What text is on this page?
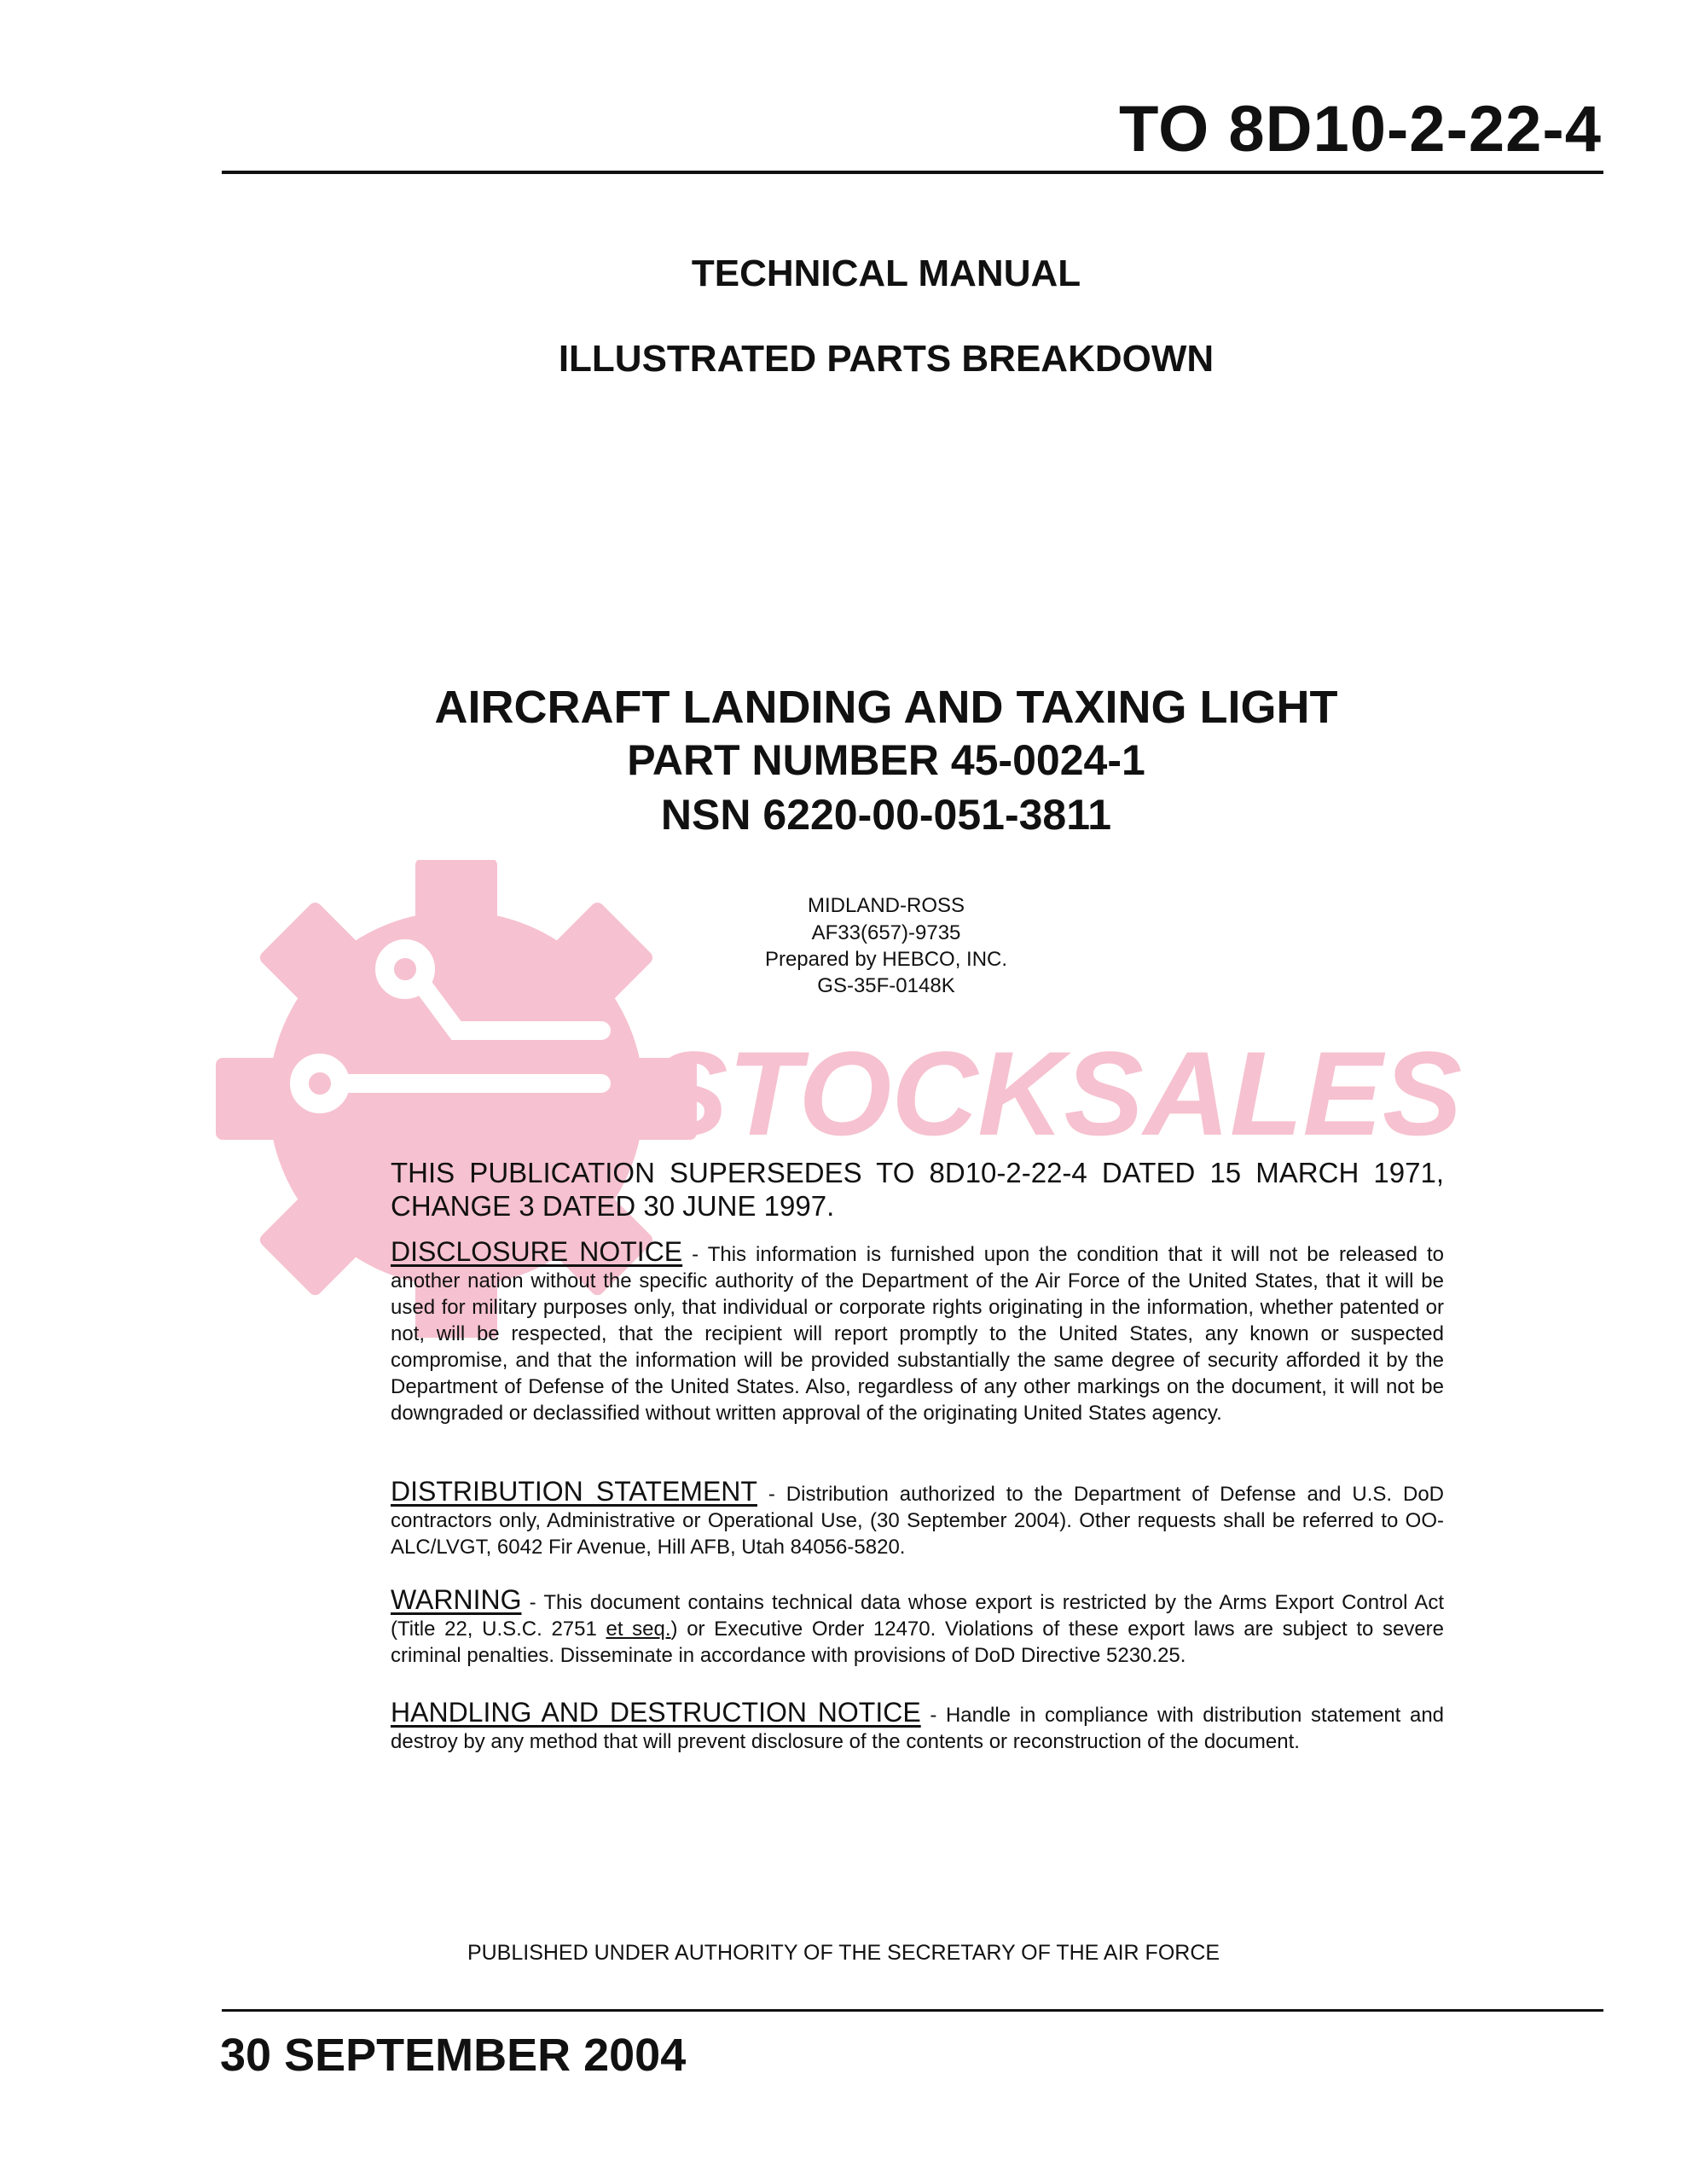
TO 8D10-2-22-4
TECHNICAL MANUAL
ILLUSTRATED PARTS BREAKDOWN
AIRCRAFT LANDING AND TAXING LIGHT
PART NUMBER 45-0024-1
NSN 6220-00-051-3811
MIDLAND-ROSS
AF33(657)-9735
Prepared by HEBCO, INC.
GS-35F-0148K
STOCKSALES
THIS PUBLICATION SUPERSEDES TO 8D10-2-22-4 DATED 15 MARCH 1971, CHANGE 3 DATED 30 JUNE 1997.
DISCLOSURE NOTICE - This information is furnished upon the condition that it will not be released to another nation without the specific authority of the Department of the Air Force of the United States, that it will be used for military purposes only, that individual or corporate rights originating in the information, whether patented or not, will be respected, that the recipient will report promptly to the United States, any known or suspected compromise, and that the information will be provided substantially the same degree of security afforded it by the Department of Defense of the United States. Also, regardless of any other markings on the document, it will not be downgraded or declassified without written approval of the originating United States agency.
DISTRIBUTION STATEMENT - Distribution authorized to the Department of Defense and U.S. DoD contractors only, Administrative or Operational Use, (30 September 2004). Other requests shall be referred to OO-ALC/LVGT, 6042 Fir Avenue, Hill AFB, Utah 84056-5820.
WARNING - This document contains technical data whose export is restricted by the Arms Export Control Act (Title 22, U.S.C. 2751 et seq.) or Executive Order 12470. Violations of these export laws are subject to severe criminal penalties. Disseminate in accordance with provisions of DoD Directive 5230.25.
HANDLING AND DESTRUCTION NOTICE - Handle in compliance with distribution statement and destroy by any method that will prevent disclosure of the contents or reconstruction of the document.
PUBLISHED UNDER AUTHORITY OF THE SECRETARY OF THE AIR FORCE
30 SEPTEMBER 2004
